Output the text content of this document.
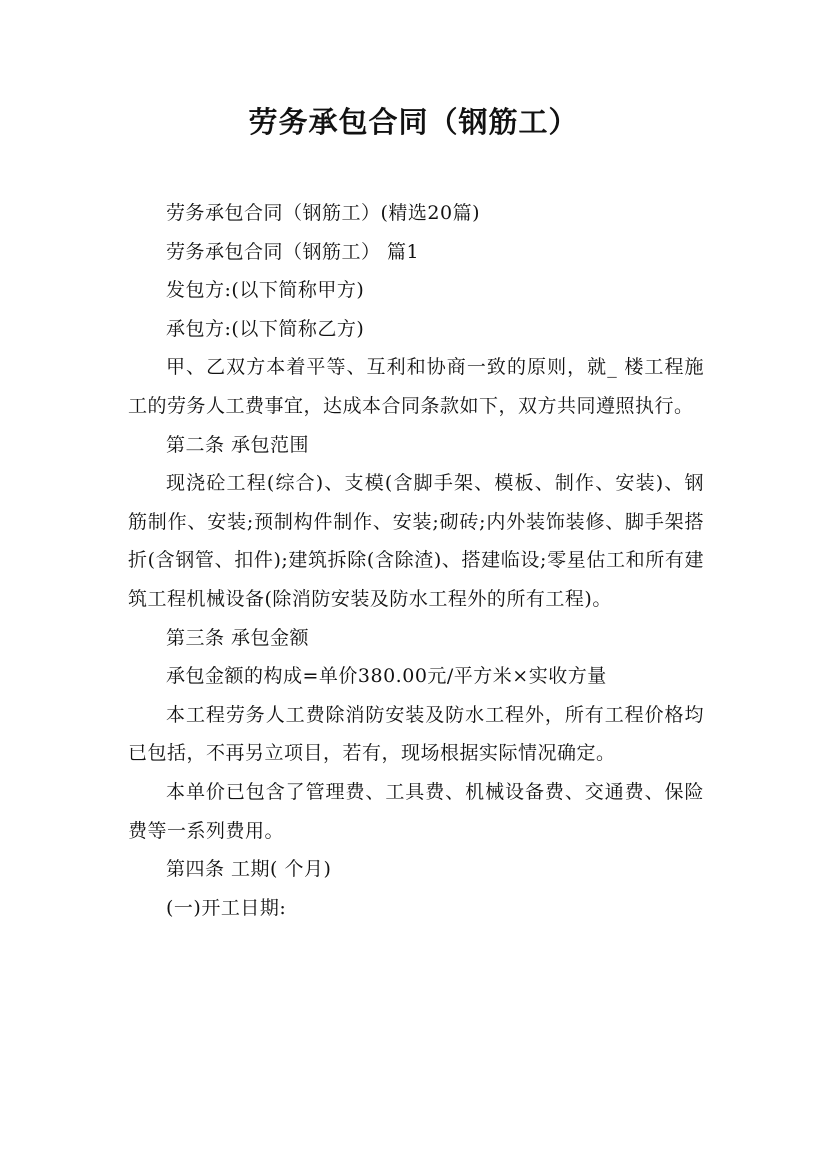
劳务承包合同（钢筋工）

劳务承包合同（钢筋工）(精选20篇)

劳务承包合同（钢筋工） 篇1

发包方:(以下简称甲方)

承包方:(以下简称乙方)

甲、乙双方本着平等、互利和协商一致的原则，就_ 楼工程施工的劳务人工费事宜，达成本合同条款如下，双方共同遵照执行。

第二条 承包范围

现浇砼工程(综合)、支模(含脚手架、模板、制作、安装)、钢筋制作、安装;预制构件制作、安装;砌砖;内外装饰装修、脚手架搭折(含钢管、扣件);建筑拆除(含除渣)、搭建临设;零星估工和所有建筑工程机械设备(除消防安装及防水工程外的所有工程)。

第三条 承包金额

承包金额的构成=单价380.00元/平方米×实收方量

本工程劳务人工费除消防安装及防水工程外，所有工程价格均已包括，不再另立项目，若有，现场根据实际情况确定。

本单价已包含了管理费、工具费、机械设备费、交通费、保险费等一系列费用。

第四条 工期( 个月)

(一)开工日期:
